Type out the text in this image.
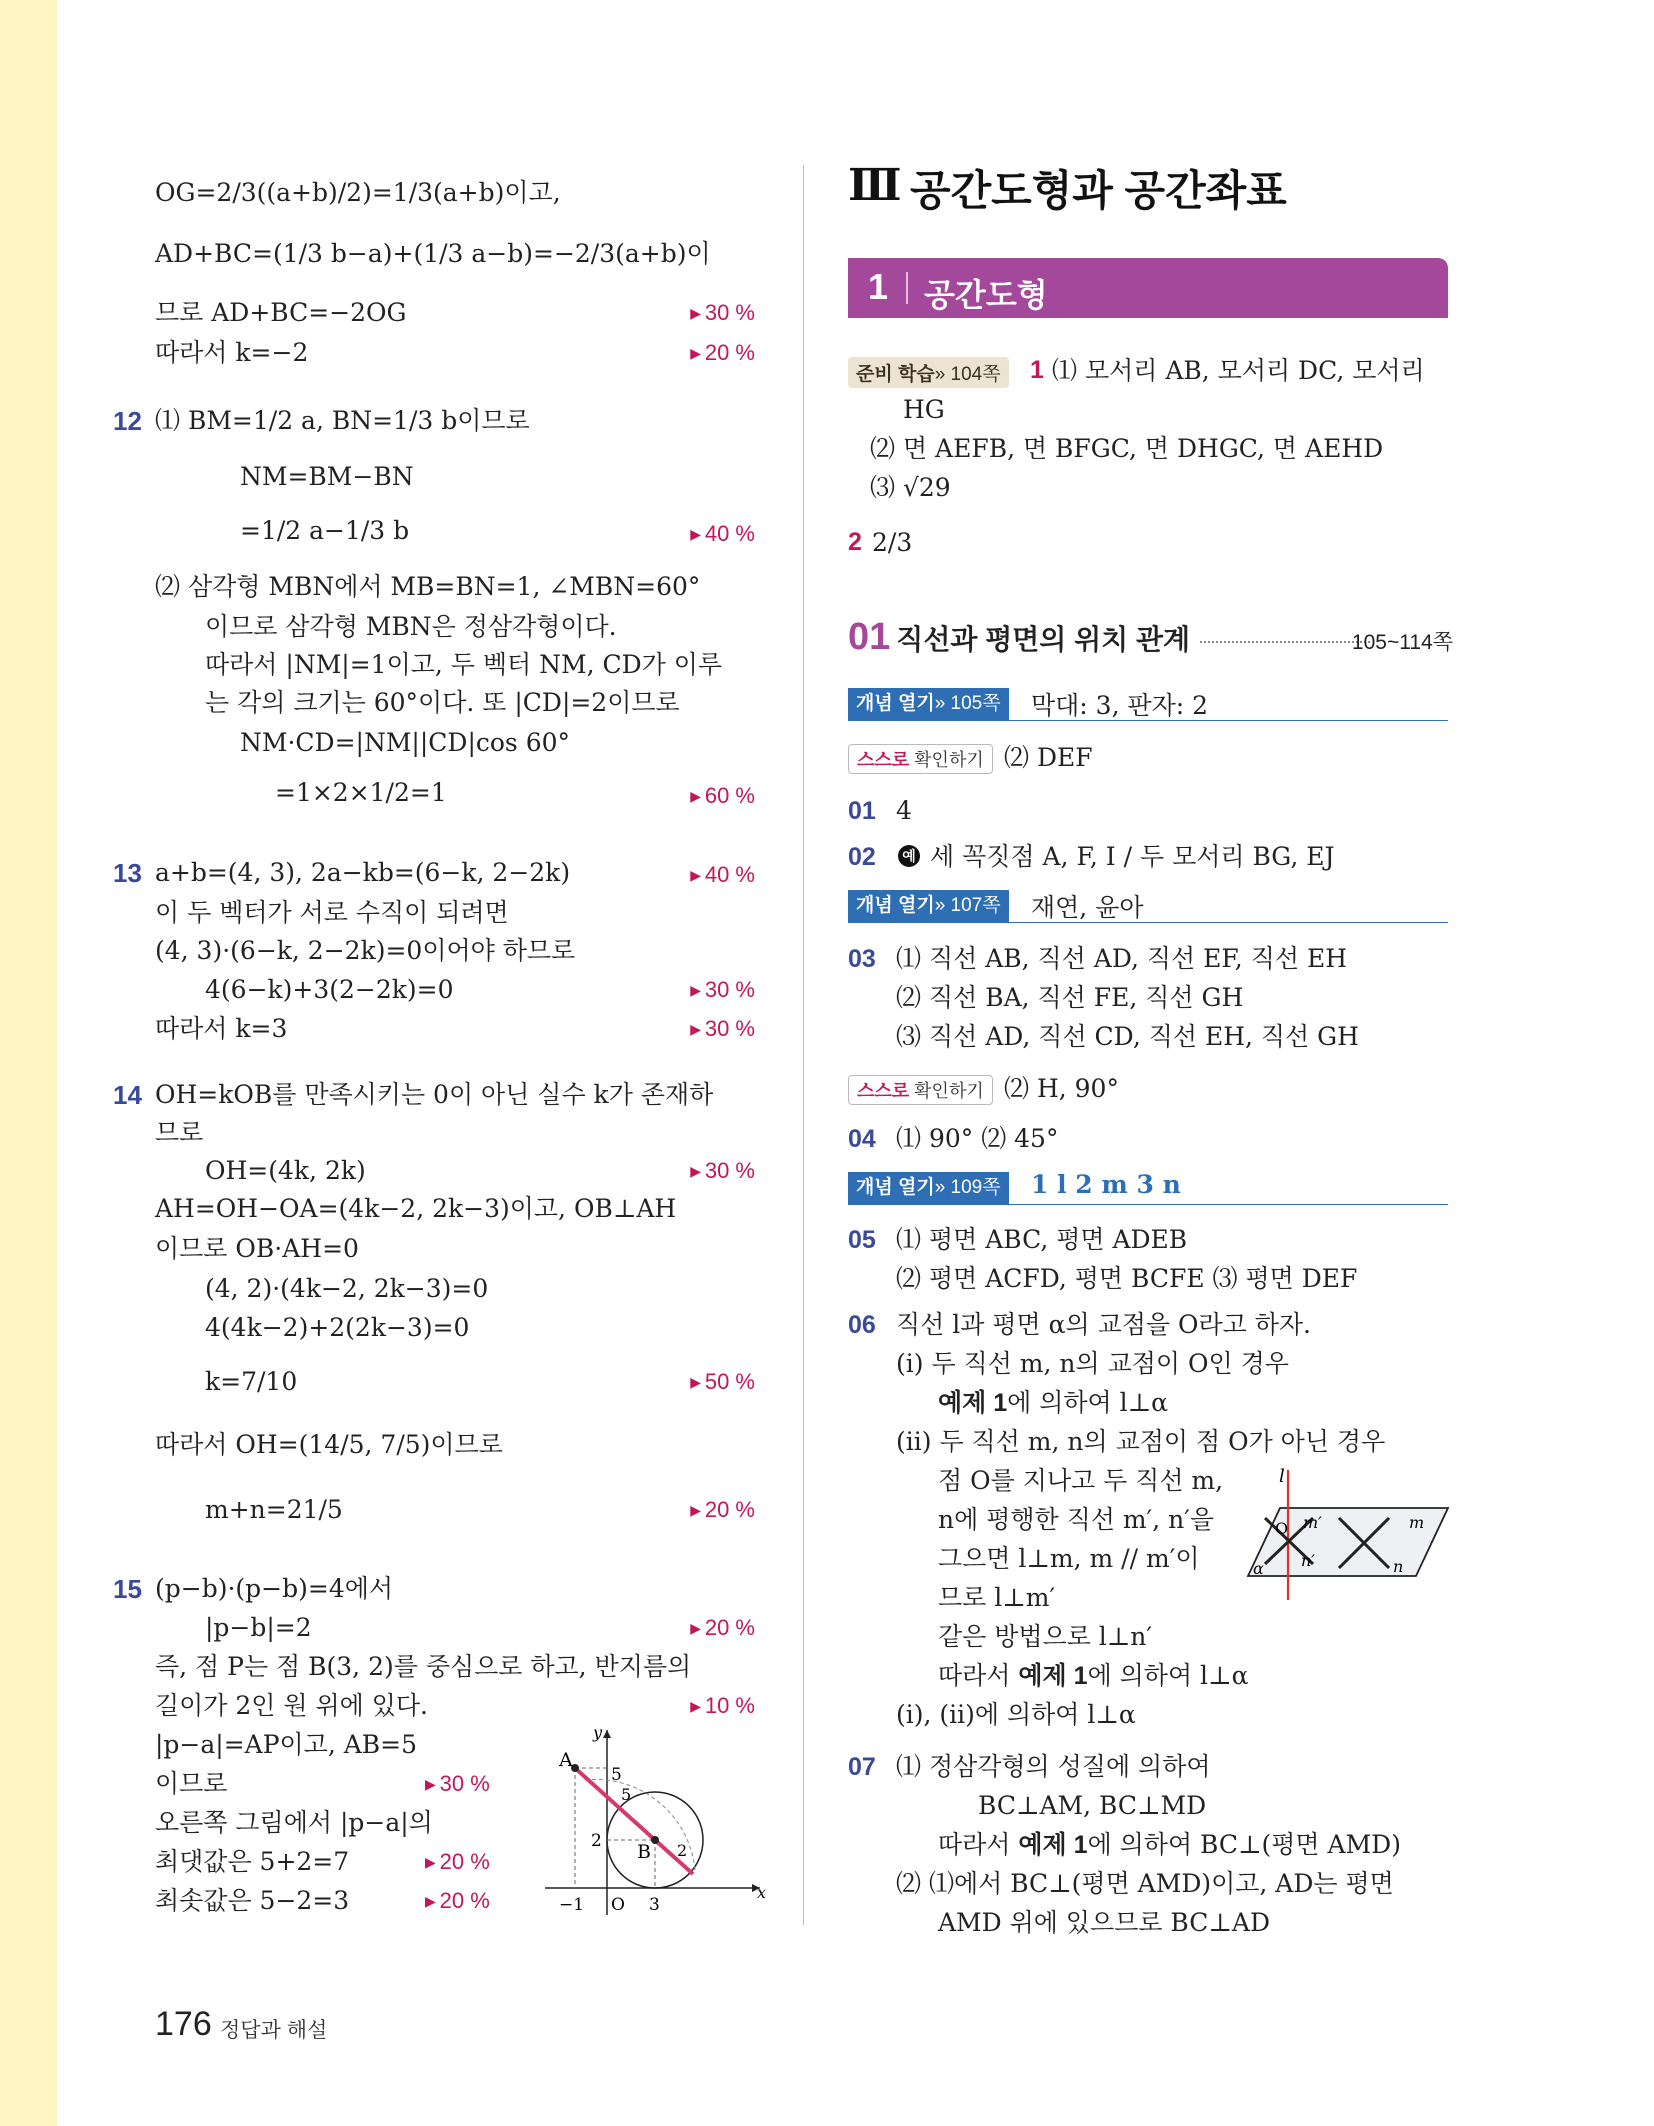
OG=2/3((a+b)/2)=1/3(a+b)이고,
AD+BC=(1/3 b−a)+(1/3 a−b)=−2/3(a+b)이
므로 AD+BC=−2OG	▶ 30 %
따라서 k=−2	▶ 20 %
12 ⑴ BM=1/2 a, BN=1/3 b이므로
NM=BM−BN
=1/2 a−1/3 b	▶ 40 %
⑵ 삼각형 MBN에서 MB=BN=1, ∠MBN=60°
이므로 삼각형 MBN은 정삼각형이다.
따라서 |NM|=1이고, 두 벡터 NM, CD가 이루
는 각의 크기는 60°이다. 또 |CD|=2이므로
NM·CD=|NM||CD|cos 60°
=1×2×1/2=1	▶ 60 %
13 a+b=(4, 3), 2a−kb=(6−k, 2−2k)	▶ 40 %
이 두 벡터가 서로 수직이 되려면
(4, 3)·(6−k, 2−2k)=0이어야 하므로
4(6−k)+3(2−2k)=0	▶ 30 %
따라서 k=3	▶ 30 %
14 OH=kOB를 만족시키는 0이 아닌 실수 k가 존재하
므로
OH=(4k, 2k)	▶ 30 %
AH=OH−OA=(4k−2, 2k−3)이고, OB⊥AH
이므로 OB·AH=0
(4, 2)·(4k−2, 2k−3)=0
4(4k−2)+2(2k−3)=0
k=7/10	▶ 50 %
따라서 OH=(14/5, 7/5)이므로
m+n=21/5	▶ 20 %
15 (p−b)·(p−b)=4에서
|p−b|=2	▶ 20 %
즉, 점 P는 점 B(3, 2)를 중심으로 하고, 반지름의
길이가 2인 원 위에 있다.	▶ 10 %
|p−a|=AP이고, AB=5
이므로	▶ 30 %
오른쪽 그림에서 |p−a|의
최댓값은 5+2=7	▶ 20 %
최솟값은 5−2=3	▶ 20 %
A
B
y
x
O
−1	3
2
5
5
2
Ⅲ 공간도형과 공간좌표
1 공간도형
준비 학습» 104쪽	1 ⑴ 모서리 AB, 모서리 DC, 모서리
HG
⑵ 면 AEFB, 면 BFGC, 면 DHGC, 면 AEHD
⑶ √29
2 2/3
01 직선과 평면의 위치 관계	105~114쪽
개념 열기» 105쪽	막대: 3, 판자: 2
스스로 확인하기 ⑵ DEF
01 4
02	예 세 꼭짓점 A, F, I / 두 모서리 BG, EJ
개념 열기» 107쪽	재연, 윤아
03 ⑴ 직선 AB, 직선 AD, 직선 EF, 직선 EH
⑵ 직선 BA, 직선 FE, 직선 GH
⑶ 직선 AD, 직선 CD, 직선 EH, 직선 GH
스스로 확인하기 ⑵ H, 90°
04 ⑴ 90° ⑵ 45°
개념 열기» 109쪽	1 l 2 m 3 n
05 ⑴ 평면 ABC, 평면 ADEB
⑵ 평면 ACFD, 평면 BCFE ⑶ 평면 DEF
06 직선 l과 평면 α의 교점을 O라고 하자.
(ⅰ) 두 직선 m, n의 교점이 O인 경우
예제 1에 의하여 l⊥α
(ⅱ) 두 직선 m, n의 교점이 점 O가 아닌 경우
점 O를 지나고 두 직선 m,
n에 평행한 직선 m′, n′을
그으면 l⊥m, m // m′이
므로 l⊥m′
같은 방법으로 l⊥n′
따라서 예제 1에 의하여 l⊥α
(ⅰ), (ⅱ)에 의하여 l⊥α
l
O m′	m
n′	n
α
07 ⑴ 정삼각형의 성질에 의하여
BC⊥AM, BC⊥MD
따라서 예제 1에 의하여 BC⊥(평면 AMD)
⑵ ⑴에서 BC⊥(평면 AMD)이고, AD는 평면
AMD 위에 있으므로 BC⊥AD
176 정답과 해설
